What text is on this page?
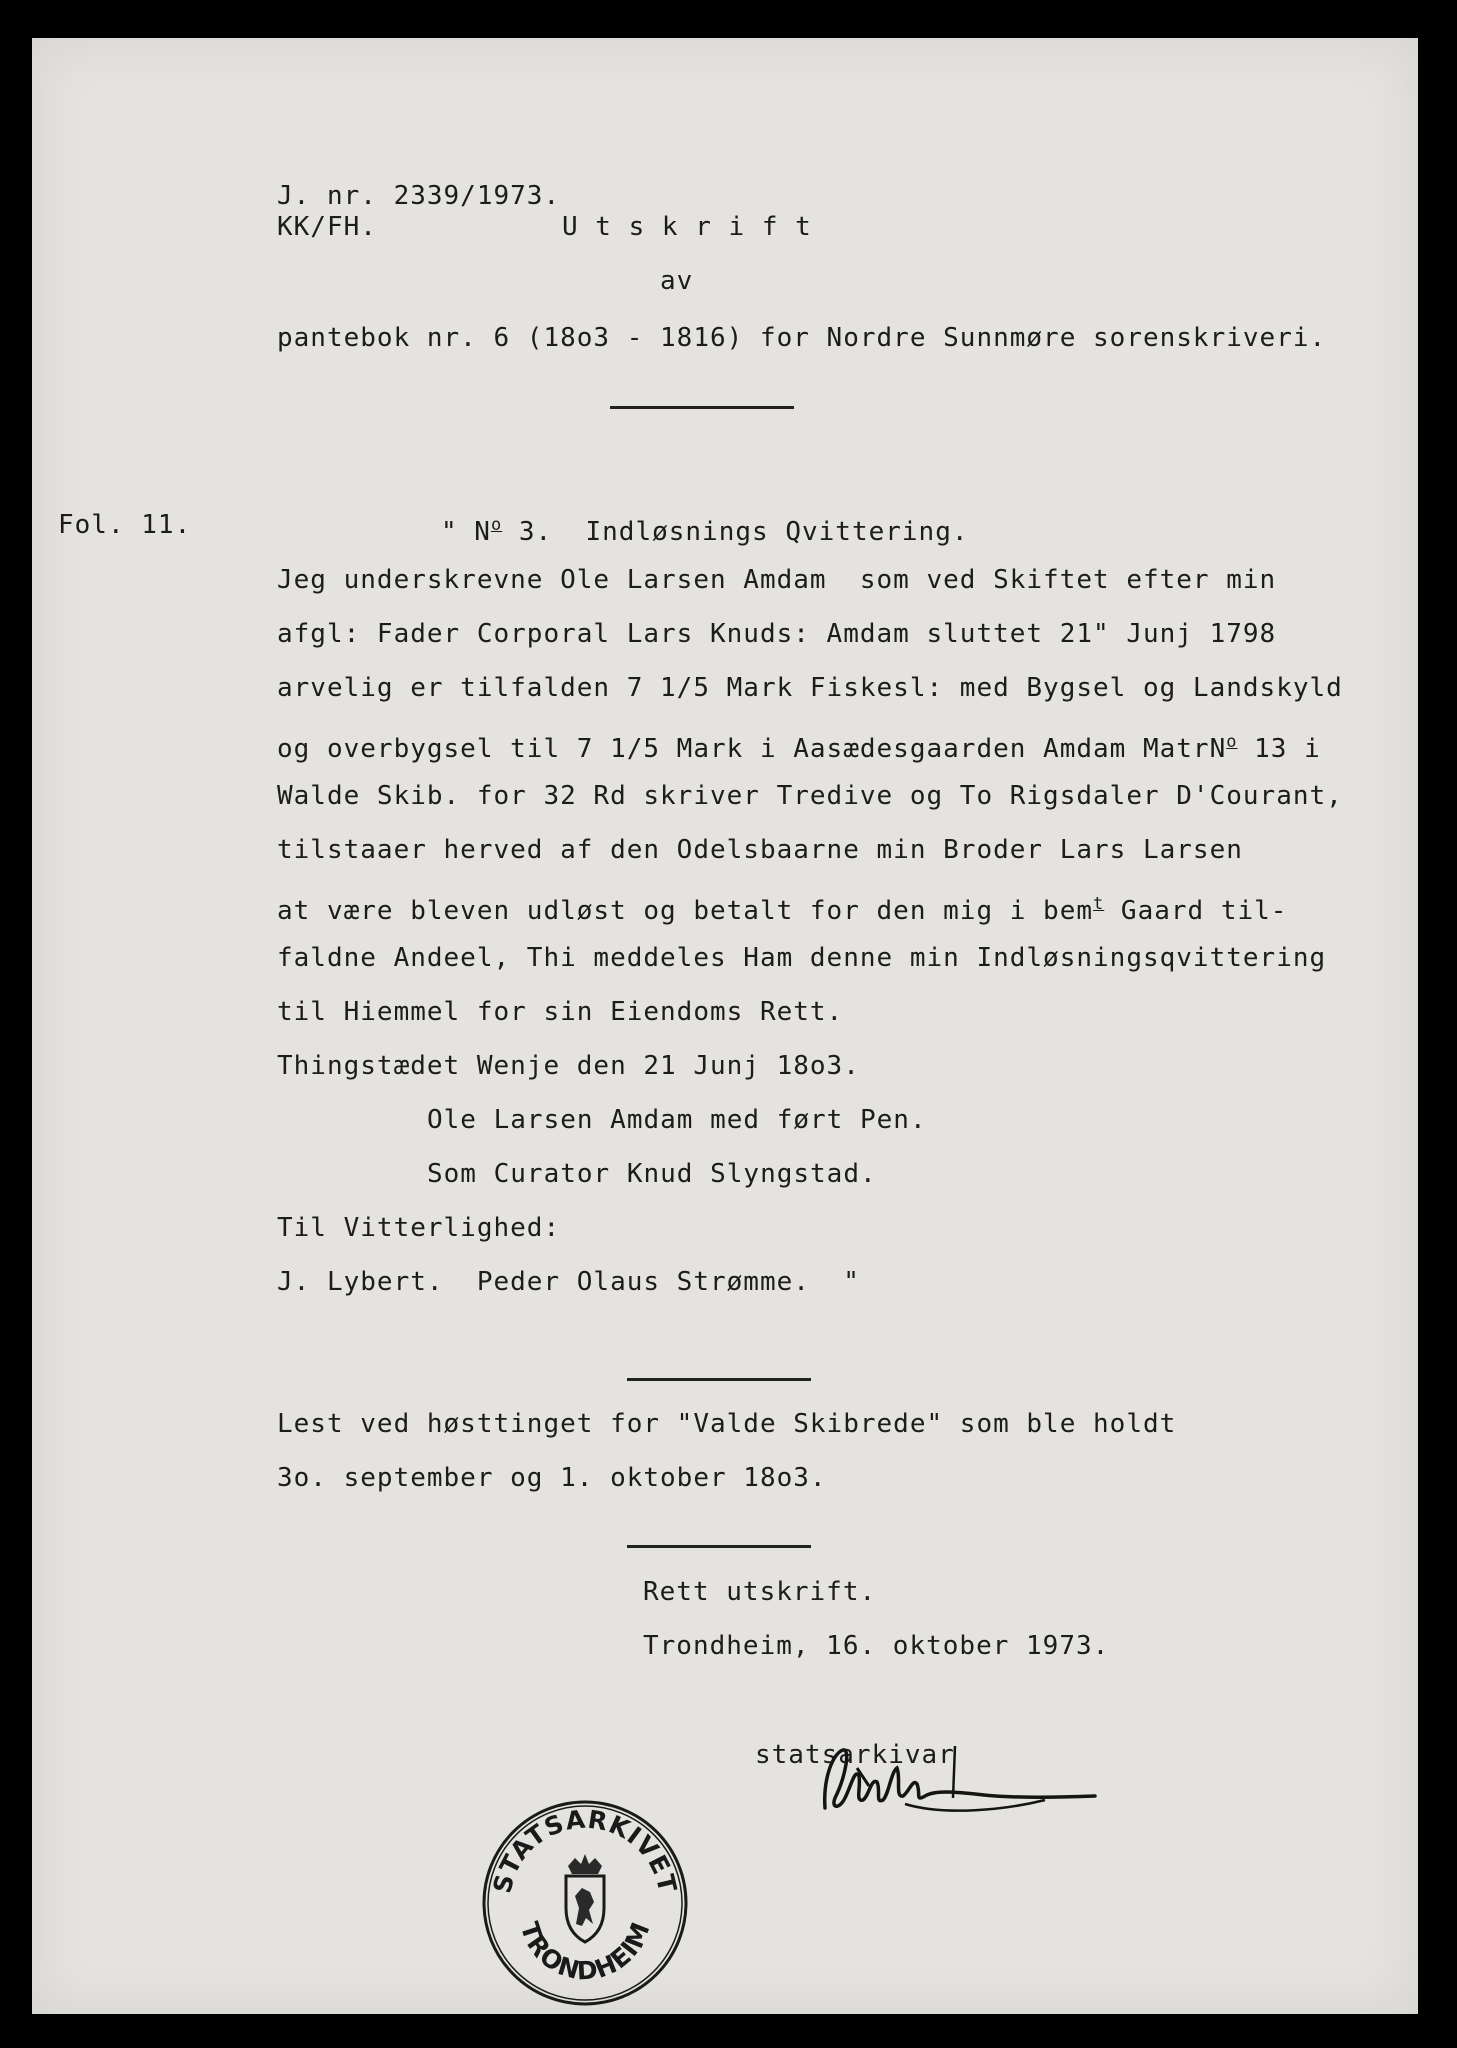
J. nr. 2339/1973.
KK/FH.	U t s k r i f t
av
pantebok nr. 6 (18o3 - 1816) for Nordre Sunnmøre sorenskriveri.
Fol. 11.	" $N^o$ 3.  Indløsnings Qvittering.
Jeg underskrevne Ole Larsen Amdam  som ved Skiftet efter min
afgl: Fader Corporal Lars Knuds: Amdam sluttet 21" Junj 1798
arvelig er tilfalden 7 1/5 Mark Fiskesl: med Bygsel og Landskyld
og overbygsel til 7 1/5 Mark i Aasædesgaarden Amdam MatrN$^o$ 13 i
Walde Skib. for 32 Rd skriver Tredive og To Rigsdaler D'Courant,
tilstaaer herved af den Odelsbaarne min Broder Lars Larsen
at være bleven udløst og betalt for den mig i bem$^t$ Gaard til-
faldne Andeel, Thi meddeles Ham denne min Indløsningsqvittering
til Hiemmel for sin Eiendoms Rett.
Thingstædet Wenje den 21 Junj 18o3.
Ole Larsen Amdam med ført Pen.
Som Curator Knud Slyngstad.
Til Vitterlighed:
J. Lybert.  Peder Olaus Strømme.  "
Lest ved høsttinget for "Valde Skibrede" som ble holdt
3o. september og 1. oktober 18o3.
Rett utskrift.
Trondheim, 16. oktober 1973.
statsarkivar
STATSARKIVET
TRONDHEIM
